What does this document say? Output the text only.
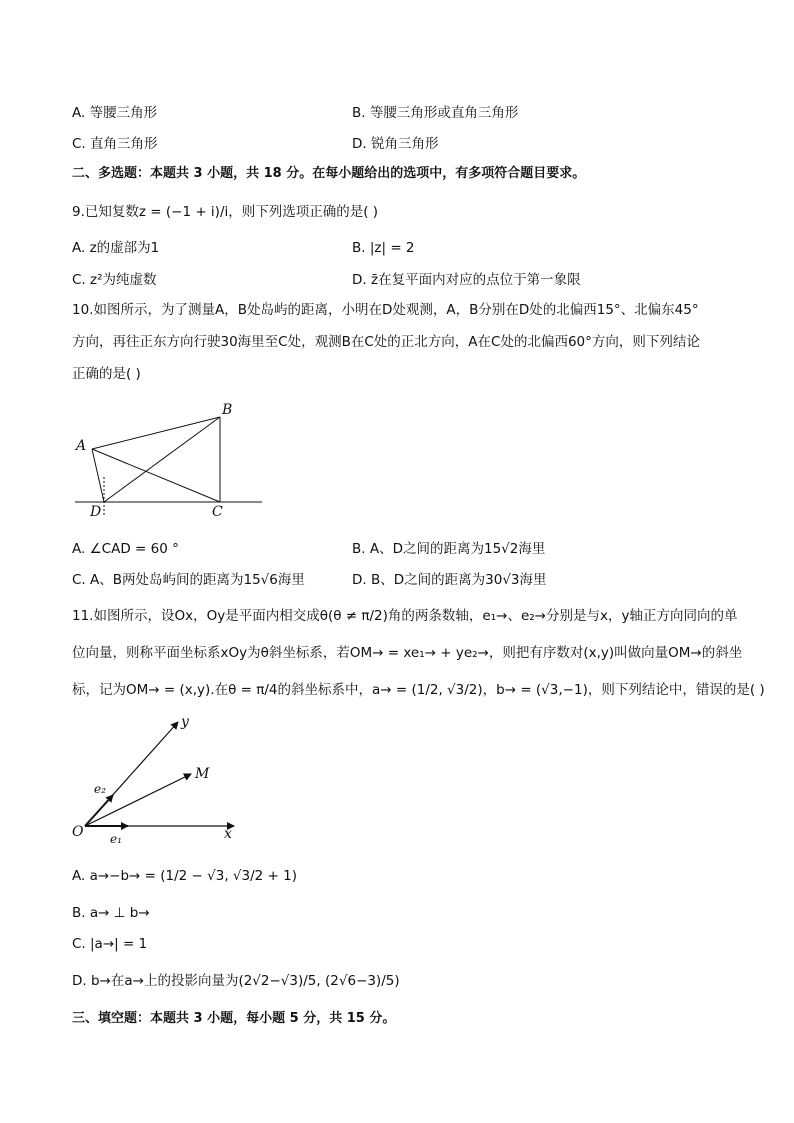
A. 等腰三角形	B. 等腰三角形或直角三角形
C. 直角三角形	D. 锐角三角形
二、多选题：本题共 3 小题，共 18 分。在每小题给出的选项中，有多项符合题目要求。
9.已知复数z = (−1 + i)/i，则下列选项正确的是( )
A. z的虚部为1	B. |z| = 2
C. z²为纯虚数	D. z̄在复平面内对应的点位于第一象限
10.如图所示，为了测量A，B处岛屿的距离，小明在D处观测，A，B分别在D处的北偏西15°、北偏东45°
方向，再往正东方向行驶30海里至C处，观测B在C处的正北方向，A在C处的北偏西60°方向，则下列结论
正确的是( )
A
B
C
D
A. ∠CAD = 60 °	B. A、D之间的距离为15√2海里
C. A、B两处岛屿间的距离为15√6海里	D. B、D之间的距离为30√3海里
11.如图所示，设Ox，Oy是平面内相交成θ(θ ≠ π/2)角的两条数轴，e₁→、e₂→分别是与x，y轴正方向同向的单
位向量，则称平面坐标系xOy为θ斜坐标系，若OM→ = xe₁→ + ye₂→，则把有序数对(x,y)叫做向量OM→的斜坐
标，记为OM→ = (x,y).在θ = π/4的斜坐标系中，a→ = (1/2, √3/2)，b→ = (√3,−1)，则下列结论中，错误的是( )
O	x
y
M
e₁
e₂
A. a→−b→ = (1/2 − √3, √3/2 + 1)
B. a→ ⊥ b→
C. |a→| = 1
D. b→在a→上的投影向量为(2√2−√3)/5, (2√6−3)/5)
三、填空题：本题共 3 小题，每小题 5 分，共 15 分。
